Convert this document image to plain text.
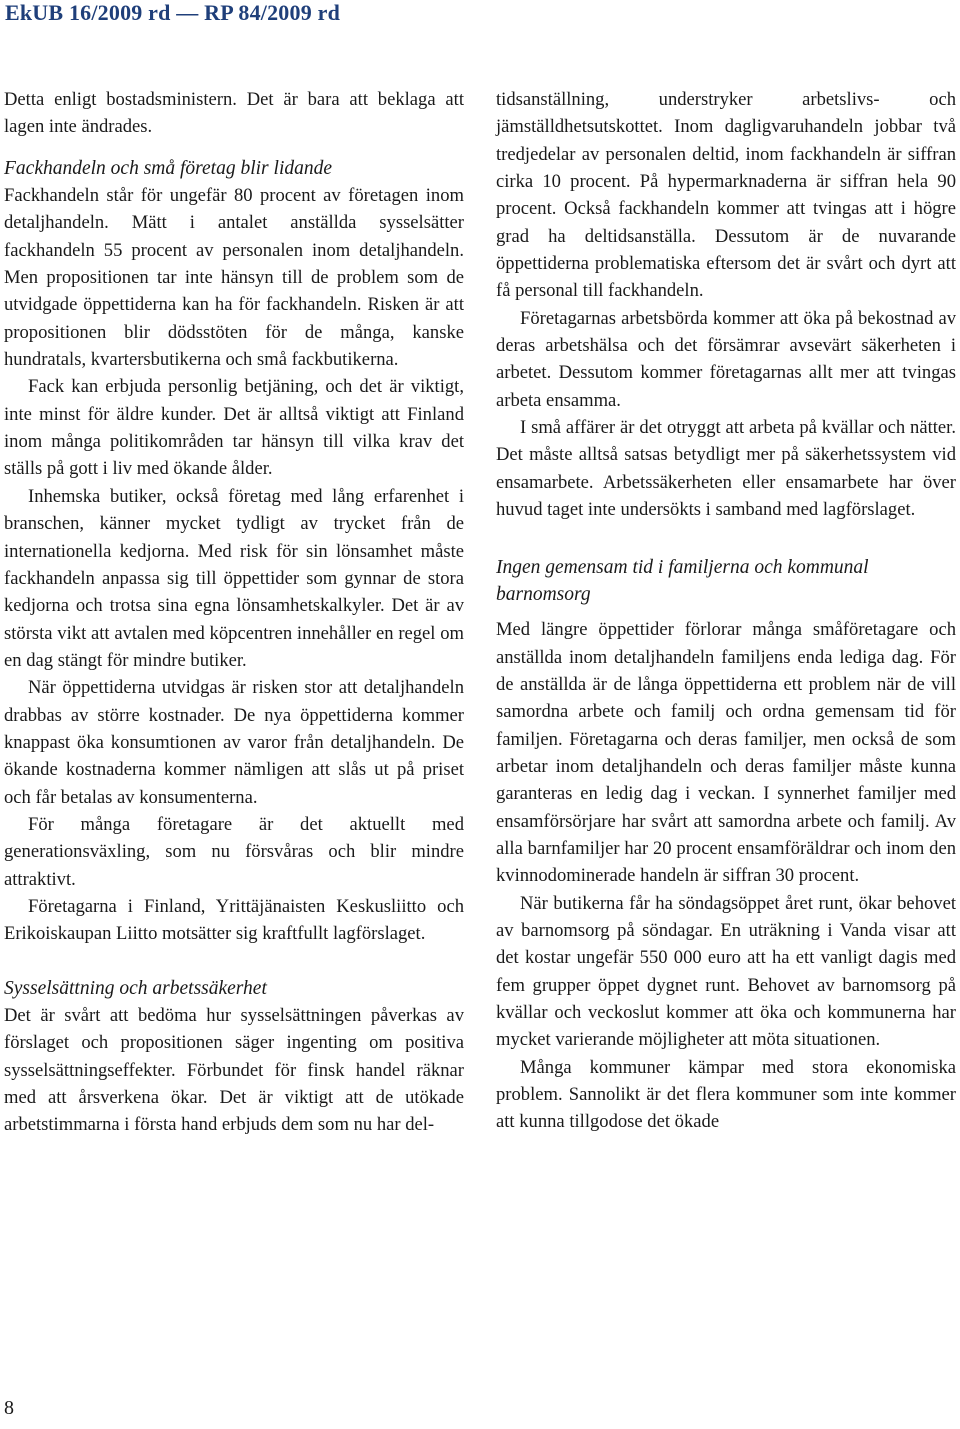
EkUB 16/2009 rd — RP 84/2009 rd

Detta enligt bostadsministern. Det är bara att beklaga att lagen inte ändrades.

Fackhandeln och små företag blir lidande

Fackhandeln står för ungefär 80 procent av företagen inom detaljhandeln. Mätt i antalet anställda sysselsätter fackhandeln 55 procent av personalen inom detaljhandeln. Men propositionen tar inte hänsyn till de problem som de utvidgade öppettiderna kan ha för fackhandeln. Risken är att propositionen blir dödsstöten för de många, kanske hundratals, kvartersbutikerna och små fackbutikerna.

Fack kan erbjuda personlig betjäning, och det är viktigt, inte minst för äldre kunder. Det är alltså viktigt att Finland inom många politikområden tar hänsyn till vilka krav det ställs på gott i liv med ökande ålder.

Inhemska butiker, också företag med lång erfarenhet i branschen, känner mycket tydligt av trycket från de internationella kedjorna. Med risk för sin lönsamhet måste fackhandeln anpassa sig till öppettider som gynnar de stora kedjorna och trotsa sina egna lönsamhetskalkyler. Det är av största vikt att avtalen med köpcentren innehåller en regel om en dag stängt för mindre butiker.

När öppettiderna utvidgas är risken stor att detaljhandeln drabbas av större kostnader. De nya öppettiderna kommer knappast öka konsumtionen av varor från detaljhandeln. De ökande kostnaderna kommer nämligen att slås ut på priset och får betalas av konsumenterna.

För många företagare är det aktuellt med generationsväxling, som nu försvåras och blir mindre attraktivt.

Företagarna i Finland, Yrittäjänaisten Keskusliitto och Erikoiskaupan Liitto motsätter sig kraftfullt lagförslaget.

Sysselsättning och arbetssäkerhet

Det är svårt att bedöma hur sysselsättningen påverkas av förslaget och propositionen säger ingenting om positiva sysselsättningseffekter. Förbundet för finsk handel räknar med att årsverkena ökar. Det är viktigt att de utökade arbetstimmarna i första hand erbjuds dem som nu har del-

tidsanställning, understryker arbetslivs- och jämställdhetsutskottet. Inom dagligvaruhandeln jobbar två tredjedelar av personalen deltid, inom fackhandeln är siffran cirka 10 procent. På hypermarknaderna är siffran hela 90 procent. Också fackhandeln kommer att tvingas att i högre grad ha deltidsanställa. Dessutom är de nuvarande öppettiderna problematiska eftersom det är svårt och dyrt att få personal till fackhandeln.

Företagarnas arbetsbörda kommer att öka på bekostnad av deras arbetshälsa och det försämrar avsevärt säkerheten i arbetet. Dessutom kommer företagarnas allt mer att tvingas arbeta ensamma.

I små affärer är det otryggt att arbeta på kvällar och nätter. Det måste alltså satsas betydligt mer på säkerhetssystem vid ensamarbete. Arbetssäkerheten eller ensamarbete har över huvud taget inte undersökts i samband med lagförslaget.

Ingen gemensam tid i familjerna och kommunal barnomsorg

Med längre öppettider förlorar många småföretagare och anställda inom detaljhandeln familjens enda lediga dag. För de anställda är de långa öppettiderna ett problem när de vill samordna arbete och familj och ordna gemensam tid för familjen. Företagarna och deras familjer, men också de som arbetar inom detaljhandeln och deras familjer måste kunna garanteras en ledig dag i veckan. I synnerhet familjer med ensamförsörjare har svårt att samordna arbete och familj. Av alla barnfamiljer har 20 procent ensamföräldrar och inom den kvinnodominerade handeln är siffran 30 procent.

När butikerna får ha söndagsöppet året runt, ökar behovet av barnomsorg på söndagar. En uträkning i Vanda visar att det kostar ungefär 550 000 euro att ha ett vanligt dagis med fem grupper öppet dygnet runt. Behovet av barnomsorg på kvällar och veckoslut kommer att öka och kommunerna har mycket varierande möjligheter att möta situationen.

Många kommuner kämpar med stora ekonomiska problem. Sannolikt är det flera kommuner som inte kommer att kunna tillgodose det ökade

8
